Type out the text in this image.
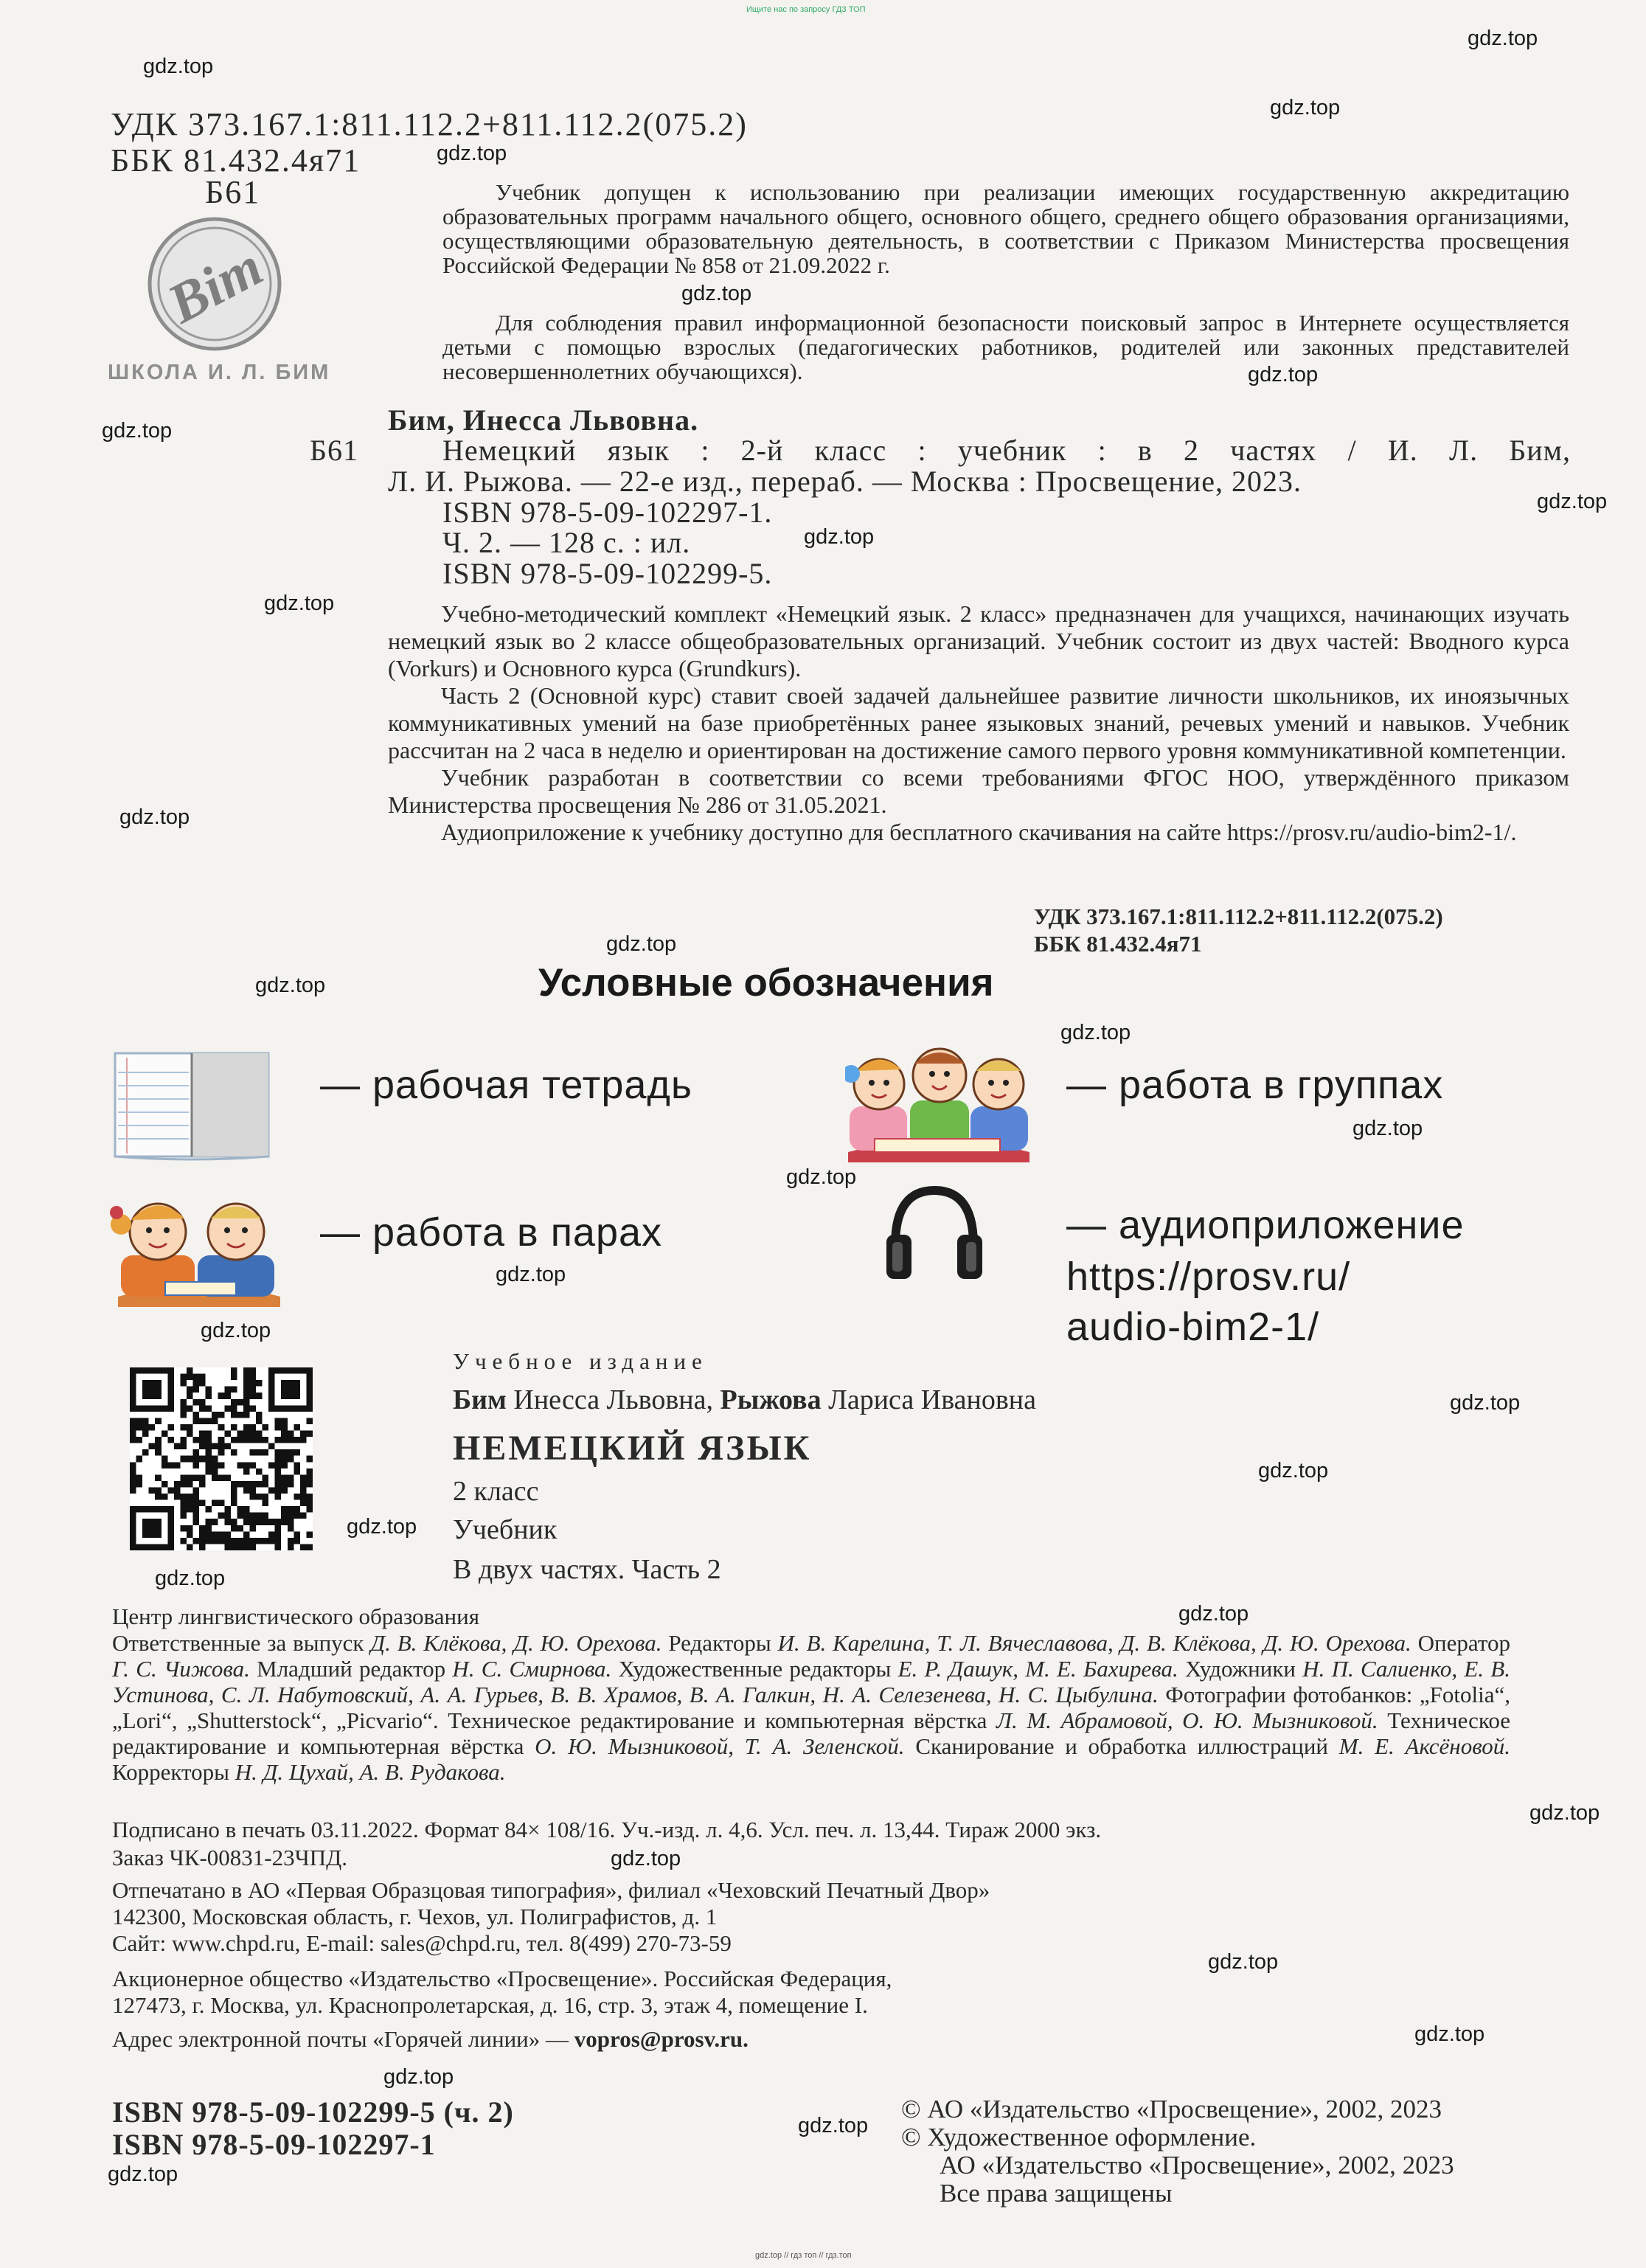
Ищите нас по запросу ГДЗ ТОП
УДК 373.167.1:811.112.2+811.112.2(075.2)
ББК 81.432.4я71
Б61
Bim
ШКОЛА И. Л. БИМ
Учебник допущен к использованию при реализации имеющих государственную аккредитацию образовательных программ начального общего, основного общего, среднего общего образования организациями, осуществляющими образовательную деятельность, в соответствии с Приказом Министерства просвещения Российской Федерации № 858 от 21.09.2022 г.
Для соблюдения правил информационной безопасности поисковый запрос в Интернете осуществляется детьми с помощью взрослых (педагогических работников, родителей или законных представителей несовершеннолетних обучающихся).
Бим, Инесса Львовна.
Б61	Немецкий язык : 2-й класс : учебник : в 2 частях / И. Л. Бим,
Л. И. Рыжова. — 22-е изд., перераб. — Москва : Просвещение, 2023.
ISBN 978-5-09-102297-1.
Ч. 2. — 128 с. : ил.
ISBN 978-5-09-102299-5.
Учебно-методический комплект «Немецкий язык. 2 класс» предназначен для учащихся, начинающих изучать немецкий язык во 2 классе общеобразовательных организаций. Учебник состоит из двух частей: Вводного курса (Vorkurs) и Основного курса (Grundkurs).
Часть 2 (Основной курс) ставит своей задачей дальнейшее развитие личности школьников, их иноязычных коммуникативных умений на базе приобретённых ранее языковых знаний, речевых умений и навыков. Учебник рассчитан на 2 часа в неделю и ориентирован на достижение самого первого уровня коммуникативной компетенции.
Учебник разработан в соответствии со всеми требованиями ФГОС НОО, утверждённого приказом Министерства просвещения № 286 от 31.05.2021.
Аудиоприложение к учебнику доступно для бесплатного скачивания на сайте https://prosv.ru/audio-bim2-1/.
УДК 373.167.1:811.112.2+811.112.2(075.2)
ББК 81.432.4я71
Условные обозначения
— рабочая тетрадь	— работа в группах
— работа в парах	— аудиоприложение
https://prosv.ru/
audio-bim2-1/
Учебное издание
Бим Инесса Львовна, Рыжова Лариса Ивановна
НЕМЕЦКИЙ ЯЗЫК
2 класс
Учебник
В двух частях. Часть 2
Центр лингвистического образования
Ответственные за выпуск Д. В. Клёкова, Д. Ю. Орехова. Редакторы И. В. Карелина, Т. Л. Вячеславова, Д. В. Клёкова, Д. Ю. Орехова. Оператор Г. С. Чижова. Младший редактор Н. С. Смирнова. Художественные редакторы Е. Р. Дашук, М. Е. Бахирева. Художники Н. П. Салиенко, Е. В. Устинова, С. Л. Набутовский, А. А. Гурьев, В. В. Храмов, В. А. Галкин, Н. А. Селезенева, Н. С. Цыбулина. Фотографии фотобанков: „Fotolia“, „Lori“, „Shutterstock“, „Picvario“. Техническое редактирование и компьютерная вёрстка Л. М. Абрамовой, О. Ю. Мызниковой. Техническое редактирование и компьютерная вёрстка О. Ю. Мызниковой, Т. А. Зеленской. Сканирование и обработка иллюстраций М. Е. Аксёновой. Корректоры Н. Д. Цухай, А. В. Рудакова.
Подписано в печать 03.11.2022. Формат 84× 108/16. Уч.-изд. л. 4,6. Усл. печ. л. 13,44. Тираж 2000 экз.
Заказ ЧК-00831-23ЧПД.
Отпечатано в АО «Первая Образцовая типография», филиал «Чеховский Печатный Двор»
142300, Московская область, г. Чехов, ул. Полиграфистов, д. 1
Сайт: www.chpd.ru, E-mail: sales@chpd.ru, тел. 8(499) 270-73-59
Акционерное общество «Издательство «Просвещение». Российская Федерация,
127473, г. Москва, ул. Краснопролетарская, д. 16, стр. 3, этаж 4, помещение I.
Адрес электронной почты «Горячей линии» — vopros@prosv.ru.
ISBN 978-5-09-102299-5 (ч. 2)
ISBN 978-5-09-102297-1
© АО «Издательство «Просвещение», 2002, 2023
© Художественное оформление.
АО «Издательство «Просвещение», 2002, 2023
Все права защищены
gdz.top // гдз топ // гдз.топ
gdz.top
gdz.top
gdz.top
gdz.top
gdz.top
gdz.top
gdz.top
gdz.top
gdz.top
gdz.top
gdz.top
gdz.top
gdz.top
gdz.top
gdz.top
gdz.top
gdz.top
gdz.top
gdz.top
gdz.top
gdz.top
gdz.top
gdz.top
gdz.top
gdz.top
gdz.top
gdz.top
gdz.top
gdz.top
gdz.top
